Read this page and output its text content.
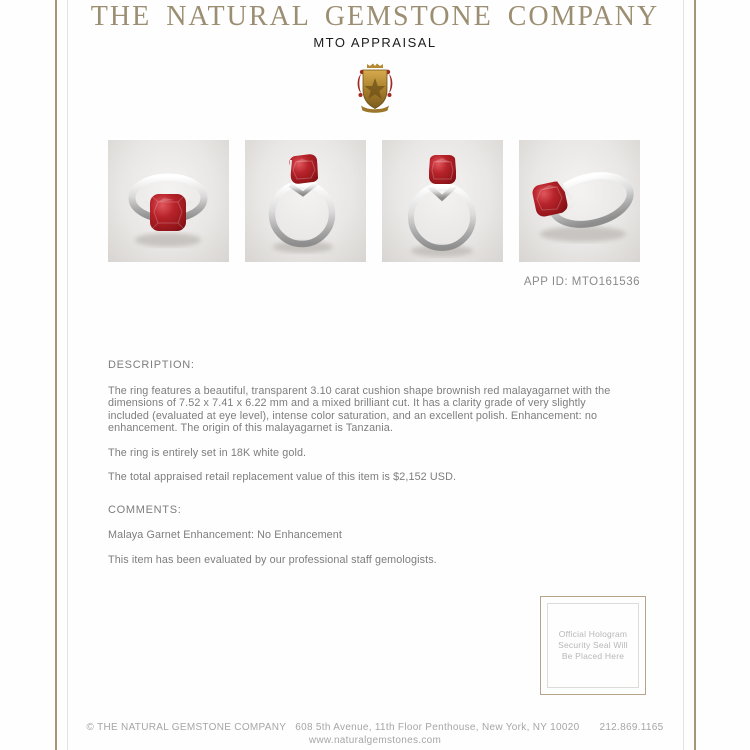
THE NATURAL GEMSTONE COMPANY
MTO APPRAISAL
APP ID: MTO161536
DESCRIPTION:
The ring features a beautiful, transparent 3.10 carat cushion shape brownish red malayagarnet with the dimensions of 7.52 x 7.41 x 6.22 mm and a mixed brilliant cut. It has a clarity grade of very slightly included (evaluated at eye level), intense color saturation, and an excellent polish. Enhancement: no enhancement. The origin of this malayagarnet is Tanzania.
The ring is entirely set in 18K white gold.
The total appraised retail replacement value of this item is $2,152 USD.
COMMENTS:
Malaya Garnet Enhancement: No Enhancement
This item has been evaluated by our professional staff gemologists.
Official Hologram
Security Seal Will
Be Placed Here
© THE NATURAL GEMSTONE COMPANY 608 5th Avenue, 11th Floor Penthouse, New York, NY 10020 212.869.1165
www.naturalgemstones.com
